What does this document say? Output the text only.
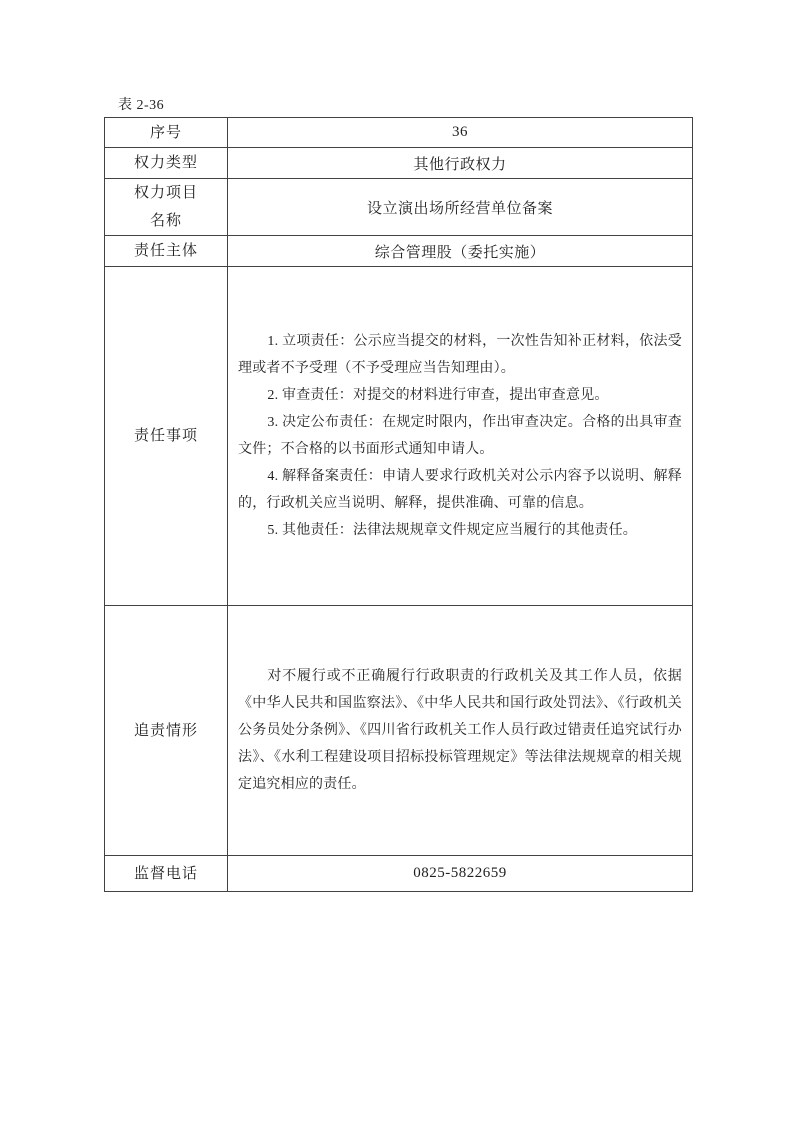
表 2-36
序号	36
权力类型	其他行政权力

权力项目
名称	设立演出场所经营单位备案
责任主体	综合管理股（委托实施）
责任事项	1. 立项责任：公示应当提交的材料，一次性告知补正材料，依法受理或者不予受理（不予受理应当告知理由）。

2. 审查责任：对提交的材料进行审查，提出审查意见。

3. 决定公布责任：在规定时限内，作出审查决定。合格的出具审查文件；不合格的以书面形式通知申请人。

4. 解释备案责任：申请人要求行政机关对公示内容予以说明、解释的，行政机关应当说明、解释，提供准确、可靠的信息。

5. 其他责任：法律法规规章文件规定应当履行的其他责任。

追责情形	对不履行或不正确履行行政职责的行政机关及其工作人员，依据《中华人民共和国监察法》、《中华人民共和国行政处罚法》、《行政机关公务员处分条例》、《四川省行政机关工作人员行政过错责任追究试行办法》、《水利工程建设项目招标投标管理规定》等法律法规规章的相关规定追究相应的责任。

监督电话	0825-5822659
